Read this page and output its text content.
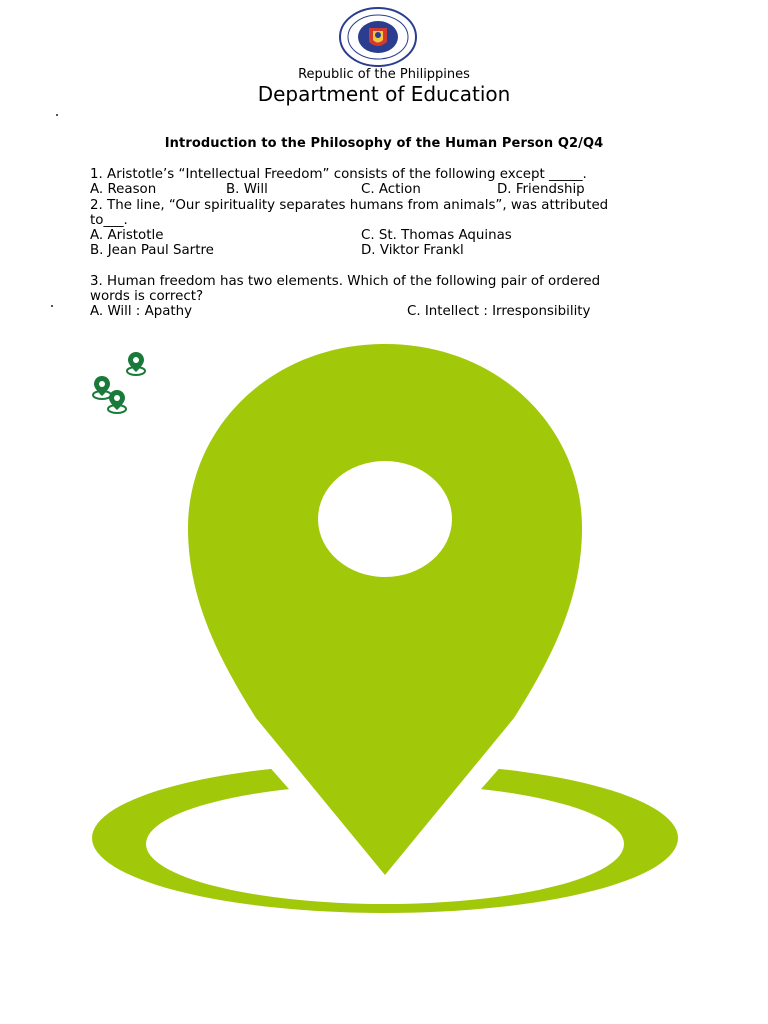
Republic of the Philippines
Department of Education
Introduction to the Philosophy of the Human Person Q2/Q4
1. Aristotle’s “Intellectual Freedom” consists of the following except _____.
A. Reason	B. Will	C. Action	D. Friendship
2. The line, “Our spirituality separates humans from animals”, was attributed
to___.
A. Aristotle	C. St. Thomas Aquinas
B. Jean Paul Sartre	D. Viktor Frankl
3. Human freedom has two elements. Which of the following pair of ordered
words is correct?
A. Will : Apathy	C. Intellect : Irresponsibility
